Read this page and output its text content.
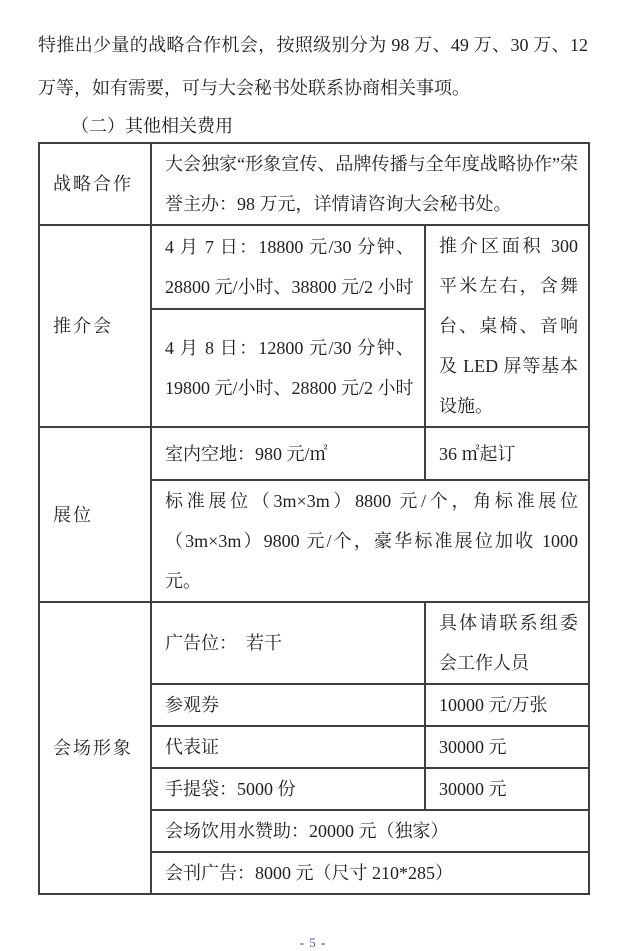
特推出少量的战略合作机会，按照级别分为 98 万、49 万、30 万、12 万等，如有需要，可与大会秘书处联系协商相关事项。
（二）其他相关费用
战略合作	大会独家“形象宣传、品牌传播与全年度战略协作”荣誉主办：98 万元，详情请咨询大会秘书处。	
推介会	4 月 7 日：18800 元/30 分钟、28800 元/小时、38800 元/2 小时	推介区面积 300 平米左右，含舞台、桌椅、音响及 LED 屏等基本设施。
	4 月 8 日：12800 元/30 分钟、19800 元/小时、28800 元/2 小时	
展位	室内空地：980 元/㎡	36 ㎡起订
	标准展位（3m×3m）8800 元/个，角标准展位（3m×3m）9800 元/个，豪华标准展位加收 1000 元。	
会场形象	广告位：　若干	具体请联系组委会工作人员
	参观券	10000 元/万张
	代表证	30000 元
	手提袋：5000 份	30000 元
	会场饮用水赞助：20000 元（独家）	
	会刊广告：8000 元（尺寸 210*285）	
- 5 -
